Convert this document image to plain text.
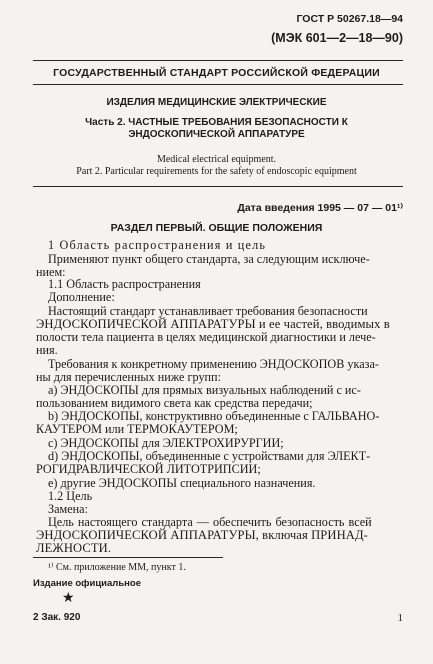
ГОСТ Р 50267.18—94
(МЭК 601—2—18—90)
ГОСУДАРСТВЕННЫЙ СТАНДАРТ РОССИЙСКОЙ ФЕДЕРАЦИИ
ИЗДЕЛИЯ МЕДИЦИНСКИЕ ЭЛЕКТРИЧЕСКИЕ
Часть 2. ЧАСТНЫЕ ТРЕБОВАНИЯ БЕЗОПАСНОСТИ К
ЭНДОСКОПИЧЕСКОЙ АППАРАТУРЕ
Medical electrical equipment.
Part 2. Particular requirements for the safety of endoscopic equipment
Дата введения 1995 — 07 — 01¹⁾
РАЗДЕЛ ПЕРВЫЙ. ОБЩИЕ ПОЛОЖЕНИЯ
1 Область распространения и цель
Применяют пункт общего стандарта, за следующим исключе-
нием:
1.1 Область распространения
Дополнение:
Настоящий стандарт устанавливает требования безопасности
ЭНДОСКОПИЧЕСКОЙ АППАРАТУРЫ и ее частей, вводимых в
полости тела пациента в целях медицинской диагностики и лече-
ния.
Требования к конкретному применению ЭНДОСКОПОВ указа-
ны для перечисленных ниже групп:
а) ЭНДОСКОПЫ для прямых визуальных наблюдений с ис-
пользованием видимого света как средства передачи;
b) ЭНДОСКОПЫ, конструктивно объединенные с ГАЛЬВАНО-
КАУТЕРОМ или ТЕРМОКАУТЕРОМ;
c) ЭНДОСКОПЫ для ЭЛЕКТРОХИРУРГИИ;
d) ЭНДОСКОПЫ, объединенные с устройствами для ЭЛЕКТ-
РОГИДРАВЛИЧЕСКОЙ ЛИТОТРИПСИИ;
e) другие ЭНДОСКОПЫ специального назначения.
1.2 Цель
Замена:
Цель настоящего стандарта — обеспечить безопасность всей
ЭНДОСКОПИЧЕСКОЙ АППАРАТУРЫ, включая ПРИНАД-
ЛЕЖНОСТИ.
¹⁾ См. приложение ММ, пункт 1.
Издание официальное
★
2 Зак. 920	1
